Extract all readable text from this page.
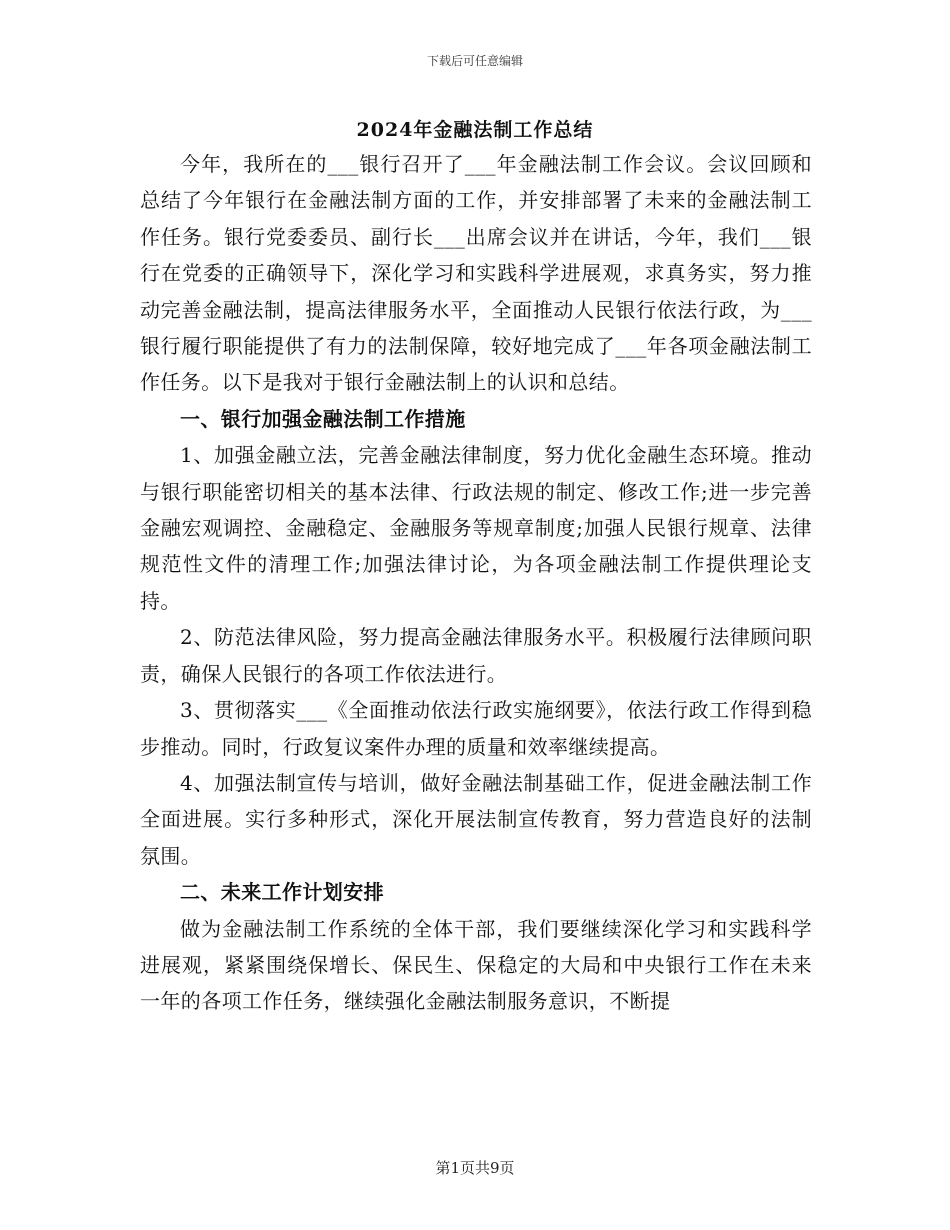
下载后可任意编辑
2024年金融法制工作总结

今年，我所在的___银行召开了___年金融法制工作会议。会议回顾和总结了今年银行在金融法制方面的工作，并安排部署了未来的金融法制工作任务。银行党委委员、副行长___出席会议并在讲话，今年，我们___银行在党委的正确领导下，深化学习和实践科学进展观，求真务实，努力推动完善金融法制，提高法律服务水平，全面推动人民银行依法行政，为___银行履行职能提供了有力的法制保障，较好地完成了___年各项金融法制工作任务。以下是我对于银行金融法制上的认识和总结。

一、银行加强金融法制工作措施

1、加强金融立法，完善金融法律制度，努力优化金融生态环境。推动与银行职能密切相关的基本法律、行政法规的制定、修改工作;进一步完善金融宏观调控、金融稳定、金融服务等规章制度;加强人民银行规章、法律规范性文件的清理工作;加强法律讨论，为各项金融法制工作提供理论支持。

2、防范法律风险，努力提高金融法律服务水平。积极履行法律顾问职责，确保人民银行的各项工作依法进行。

3、贯彻落实___《全面推动依法行政实施纲要》，依法行政工作得到稳步推动。同时，行政复议案件办理的质量和效率继续提高。

4、加强法制宣传与培训，做好金融法制基础工作，促进金融法制工作全面进展。实行多种形式，深化开展法制宣传教育，努力营造良好的法制氛围。

二、未来工作计划安排

做为金融法制工作系统的全体干部，我们要继续深化学习和实践科学进展观，紧紧围绕保增长、保民生、保稳定的大局和中央银行工作在未来一年的各项工作任务，继续强化金融法制服务意识，不断提

第1页共9页
